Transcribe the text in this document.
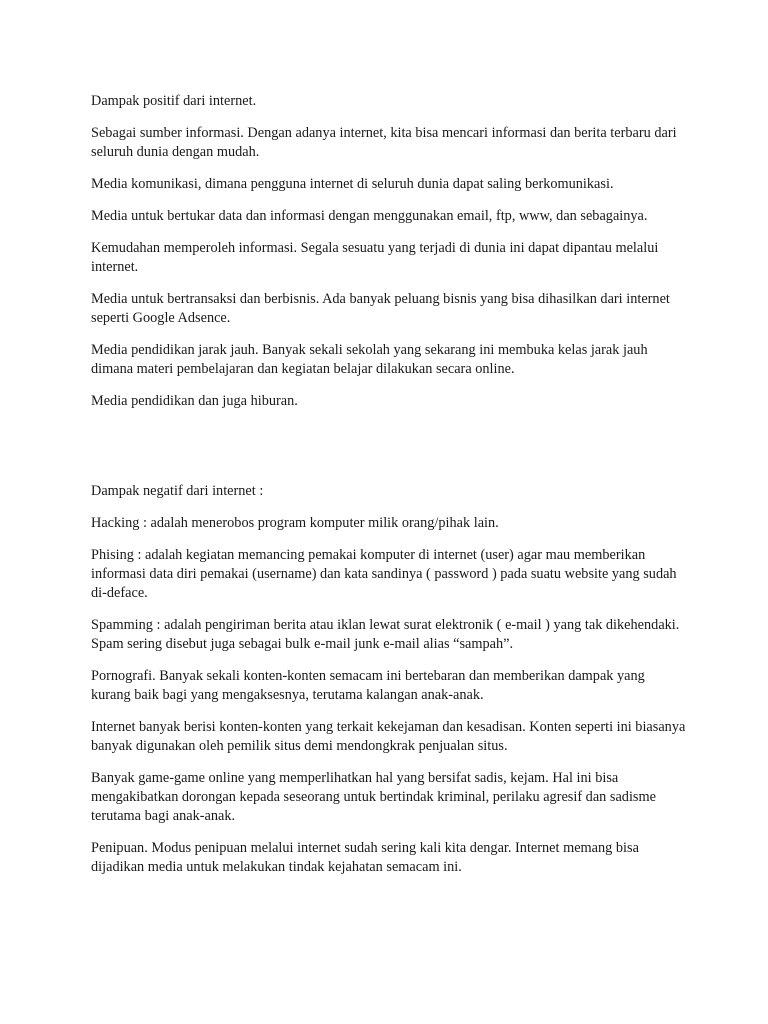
Dampak positif dari internet.

Sebagai sumber informasi. Dengan adanya internet, kita bisa mencari informasi dan berita terbaru dari seluruh dunia dengan mudah.

Media komunikasi, dimana pengguna internet di seluruh dunia dapat saling berkomunikasi.

Media untuk bertukar data dan informasi dengan menggunakan email, ftp, www, dan sebagainya.

Kemudahan memperoleh informasi. Segala sesuatu yang terjadi di dunia ini dapat dipantau melalui internet.

Media untuk bertransaksi dan berbisnis. Ada banyak peluang bisnis yang bisa dihasilkan dari internet seperti Google Adsence.

Media pendidikan jarak jauh. Banyak sekali sekolah yang sekarang ini membuka kelas jarak jauh dimana materi pembelajaran dan kegiatan belajar dilakukan secara online.

Media pendidikan dan juga hiburan.

Dampak negatif dari internet :

Hacking : adalah menerobos program komputer milik orang/pihak lain.

Phising : adalah kegiatan memancing pemakai komputer di internet (user) agar mau memberikan informasi data diri pemakai (username) dan kata sandinya ( password ) pada suatu website yang sudah di-deface.

Spamming : adalah pengiriman berita atau iklan lewat surat elektronik ( e-mail ) yang tak dikehendaki. Spam sering disebut juga sebagai bulk e-mail junk e-mail alias “sampah”.

Pornografi. Banyak sekali konten-konten semacam ini bertebaran dan memberikan dampak yang kurang baik bagi yang mengaksesnya, terutama kalangan anak-anak.

Internet banyak berisi konten-konten yang terkait kekejaman dan kesadisan. Konten seperti ini biasanya banyak digunakan oleh pemilik situs demi mendongkrak penjualan situs.

Banyak game-game online yang memperlihatkan hal yang bersifat sadis, kejam. Hal ini bisa mengakibatkan dorongan kepada seseorang untuk bertindak kriminal, perilaku agresif dan sadisme terutama bagi anak-anak.

Penipuan. Modus penipuan melalui internet sudah sering kali kita dengar. Internet memang bisa dijadikan media untuk melakukan tindak kejahatan semacam ini.
